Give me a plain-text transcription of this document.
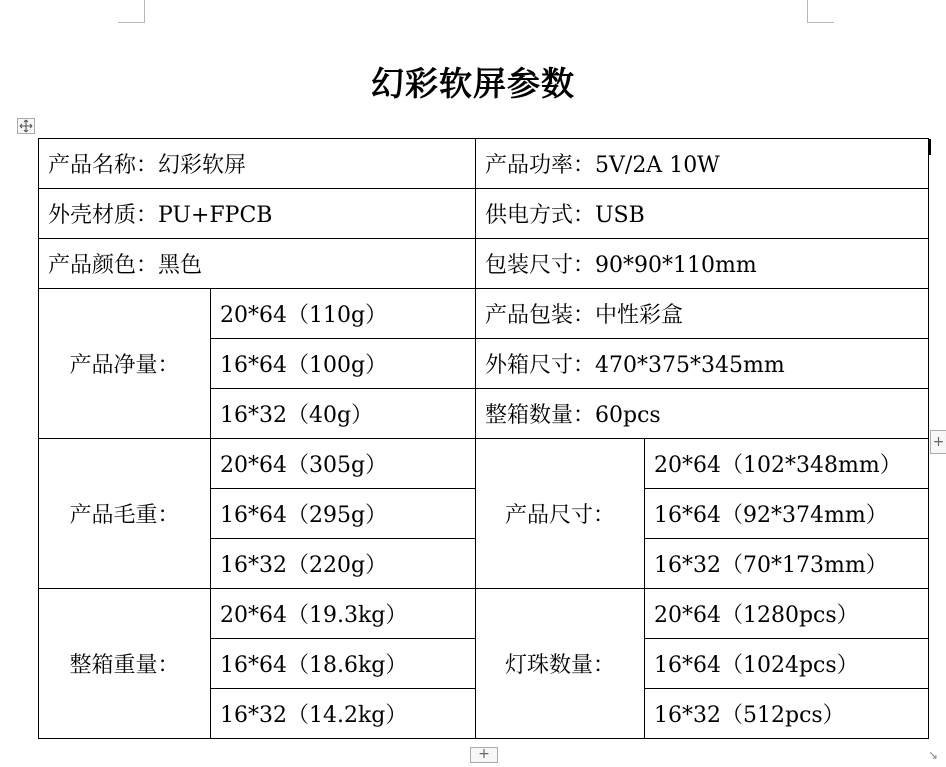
幻彩软屏参数
产品名称：幻彩软屏		产品功率：5V/2A 10W	
外壳材质：PU+FPCB		供电方式：USB	
产品颜色：黑色		包装尺寸：90*90*110mm	
产品净量：	20*64（110g）	产品包装：中性彩盒	
	16*64（100g）	外箱尺寸：470*375*345mm	
	16*32（40g）	整箱数量：60pcs	
产品毛重：	20*64（305g）	产品尺寸：	20*64（102*348mm）
	16*64（295g）		16*64（92*374mm）
	16*32（220g）		16*32（70*173mm）
整箱重量：	20*64（19.3kg）	灯珠数量：	20*64（1280pcs）
	16*64（18.6kg）		16*64（1024pcs）
	16*32（14.2kg）		16*32（512pcs）
+
+	↘
